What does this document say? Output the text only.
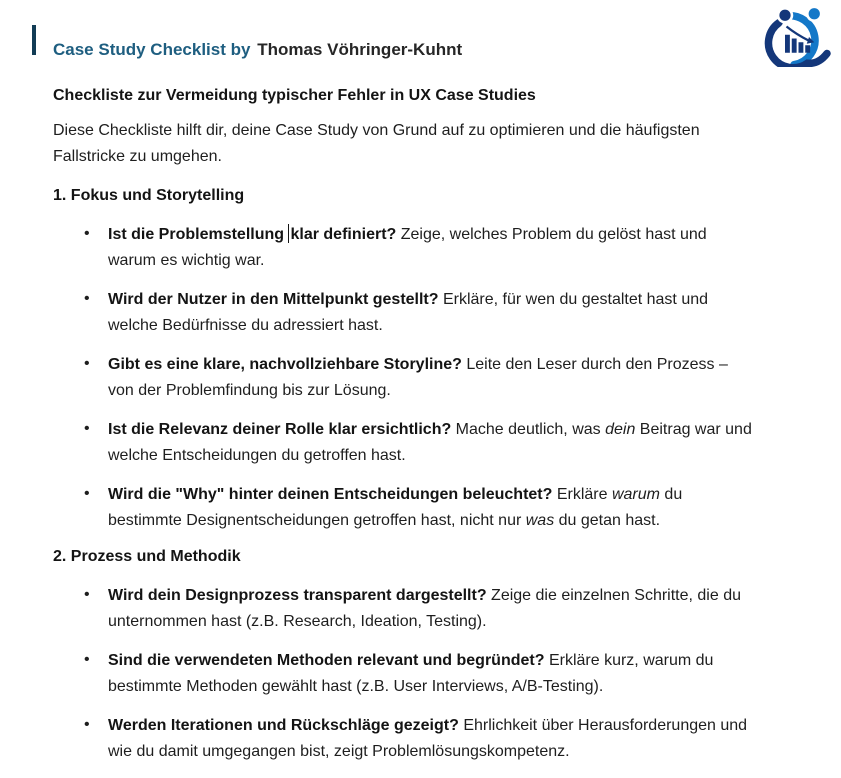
Case Study Checklist by Thomas Vöhringer-Kuhnt

Checkliste zur Vermeidung typischer Fehler in UX Case Studies

Diese Checkliste hilft dir, deine Case Study von Grund auf zu optimieren und die häufigsten Fallstricke zu umgehen.

1. Fokus und Storytelling

• Ist die Problemstellung klar definiert? Zeige, welches Problem du gelöst hast und warum es wichtig war.
• Wird der Nutzer in den Mittelpunkt gestellt? Erkläre, für wen du gestaltet hast und welche Bedürfnisse du adressiert hast.
• Gibt es eine klare, nachvollziehbare Storyline? Leite den Leser durch den Prozess – von der Problemfindung bis zur Lösung.
• Ist die Relevanz deiner Rolle klar ersichtlich? Mache deutlich, was dein Beitrag war und welche Entscheidungen du getroffen hast.
• Wird die "Why" hinter deinen Entscheidungen beleuchtet? Erkläre warum du bestimmte Designentscheidungen getroffen hast, nicht nur was du getan hast.

2. Prozess und Methodik

• Wird dein Designprozess transparent dargestellt? Zeige die einzelnen Schritte, die du unternommen hast (z.B. Research, Ideation, Testing).
• Sind die verwendeten Methoden relevant und begründet? Erkläre kurz, warum du bestimmte Methoden gewählt hast (z.B. User Interviews, A/B-Testing).
• Werden Iterationen und Rückschläge gezeigt? Ehrlichkeit über Herausforderungen und wie du damit umgegangen bist, zeigt Problemlösungskompetenz.
